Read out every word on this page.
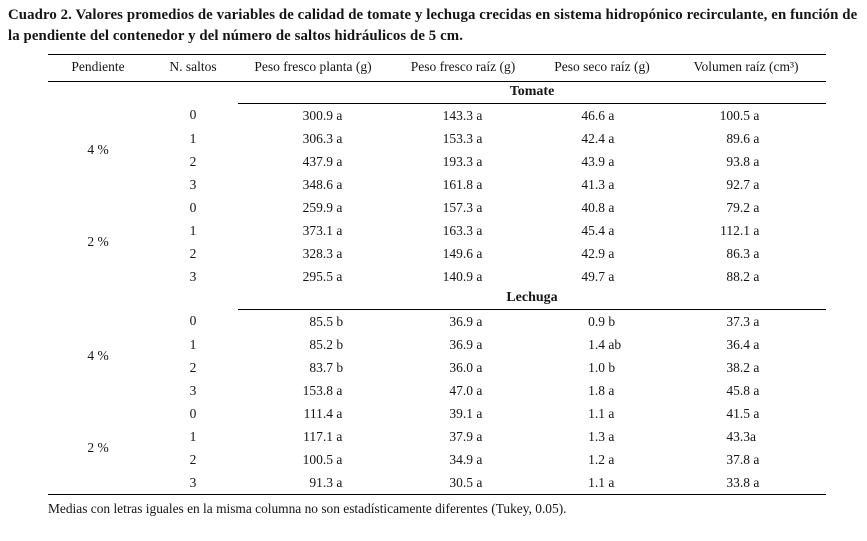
Cuadro 2. Valores promedios de variables de calidad de tomate y lechuga crecidas en sistema hidropónico recirculante, en función de la pendiente del contenedor y del número de saltos hidráulicos de 5 cm.

Pendiente	N. saltos	Peso fresco planta (g)	Peso fresco raíz (g)	Peso seco raíz (g)	Volumen raíz (cm³)
		Tomate			
4 %	0	300.9 a	143.3 a	46.6 a	100.5 a
	1	306.3 a	153.3 a	42.4 a	89.6 a
	2	437.9 a	193.3 a	43.9 a	93.8 a
	3	348.6 a	161.8 a	41.3 a	92.7 a
2 %	0	259.9 a	157.3 a	40.8 a	79.2 a
	1	373.1 a	163.3 a	45.4 a	112.1 a
	2	328.3 a	149.6 a	42.9 a	86.3 a
	3	295.5 a	140.9 a	49.7 a	88.2 a
		Lechuga			
4 %	0	85.5 b	36.9 a	0.9 b	37.3 a
	1	85.2 b	36.9 a	1.4 ab	36.4 a
	2	83.7 b	36.0 a	1.0 b	38.2 a
	3	153.8 a	47.0 a	1.8 a	45.8 a
2 %	0	111.4 a	39.1 a	1.1 a	41.5 a
	1	117.1 a	37.9 a	1.3 a	43.3a
	2	100.5 a	34.9 a	1.2 a	37.8 a
	3	91.3 a	30.5 a	1.1 a	33.8 a

Medias con letras iguales en la misma columna no son estadísticamente diferentes (Tukey, 0.05).
